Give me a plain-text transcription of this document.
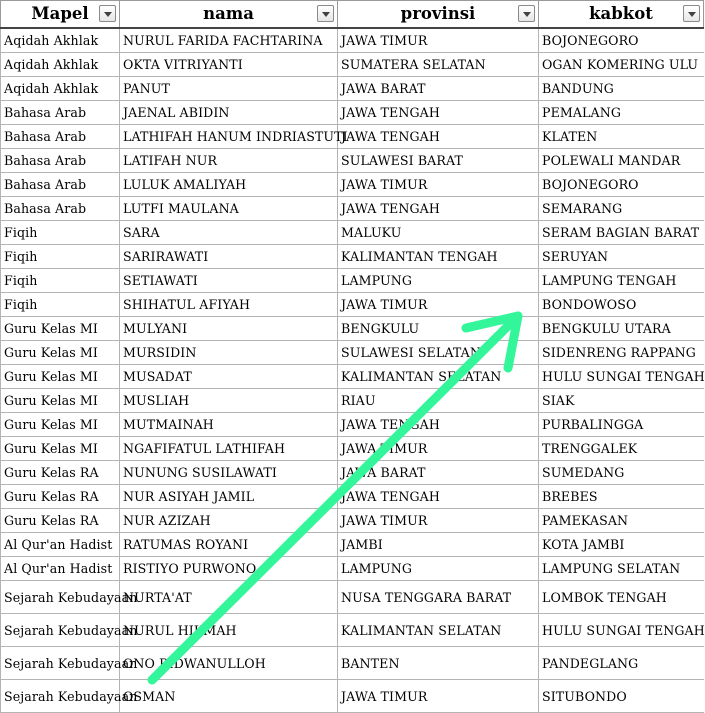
Mapel	nama	provinsi	kabkot

Aqidah Akhlak	NURUL FARIDA FACHTARINA	JAWA TIMUR	BOJONEGORO
Aqidah Akhlak	OKTA VITRIYANTI	SUMATERA SELATAN	OGAN KOMERING ULU
Aqidah Akhlak	PANUT	JAWA BARAT	BANDUNG
Bahasa Arab	JAENAL ABIDIN	JAWA TENGAH	PEMALANG
Bahasa Arab	LATHIFAH HANUM INDRIASTUTI	JAWA TENGAH	KLATEN
Bahasa Arab	LATIFAH NUR	SULAWESI BARAT	POLEWALI MANDAR
Bahasa Arab	LULUK AMALIYAH	JAWA TIMUR	BOJONEGORO
Bahasa Arab	LUTFI MAULANA	JAWA TENGAH	SEMARANG
Fiqih	SARA	MALUKU	SERAM BAGIAN BARAT
Fiqih	SARIRAWATI	KALIMANTAN TENGAH	SERUYAN
Fiqih	SETIAWATI	LAMPUNG	LAMPUNG TENGAH
Fiqih	SHIHATUL AFIYAH	JAWA TIMUR	BONDOWOSO
Guru Kelas MI	MULYANI	BENGKULU	BENGKULU UTARA
Guru Kelas MI	MURSIDIN	SULAWESI SELATAN	SIDENRENG RAPPANG
Guru Kelas MI	MUSADAT	KALIMANTAN SELATAN	HULU SUNGAI TENGAH
Guru Kelas MI	MUSLIAH	RIAU	SIAK
Guru Kelas MI	MUTMAINAH	JAWA TENGAH	PURBALINGGA
Guru Kelas MI	NGAFIFATUL LATHIFAH	JAWA TIMUR	TRENGGALEK
Guru Kelas RA	NUNUNG SUSILAWATI	JAWA BARAT	SUMEDANG
Guru Kelas RA	NUR ASIYAH JAMIL	JAWA TENGAH	BREBES
Guru Kelas RA	NUR AZIZAH	JAWA TIMUR	PAMEKASAN
Al Qur'an Hadist	RATUMAS ROYANI	JAMBI	KOTA JAMBI
Al Qur'an Hadist	RISTIYO PURWONO	LAMPUNG	LAMPUNG SELATAN
Sejarah Kebudayaan	NURTA'AT	NUSA TENGGARA BARAT	LOMBOK TENGAH
Sejarah Kebudayaan	NURUL HIKMAH	KALIMANTAN SELATAN	HULU SUNGAI TENGAH
Sejarah Kebudayaan	ONO RIDWANULLOH	BANTEN	PANDEGLANG
Sejarah Kebudayaan	OSMAN	JAWA TIMUR	SITUBONDO
